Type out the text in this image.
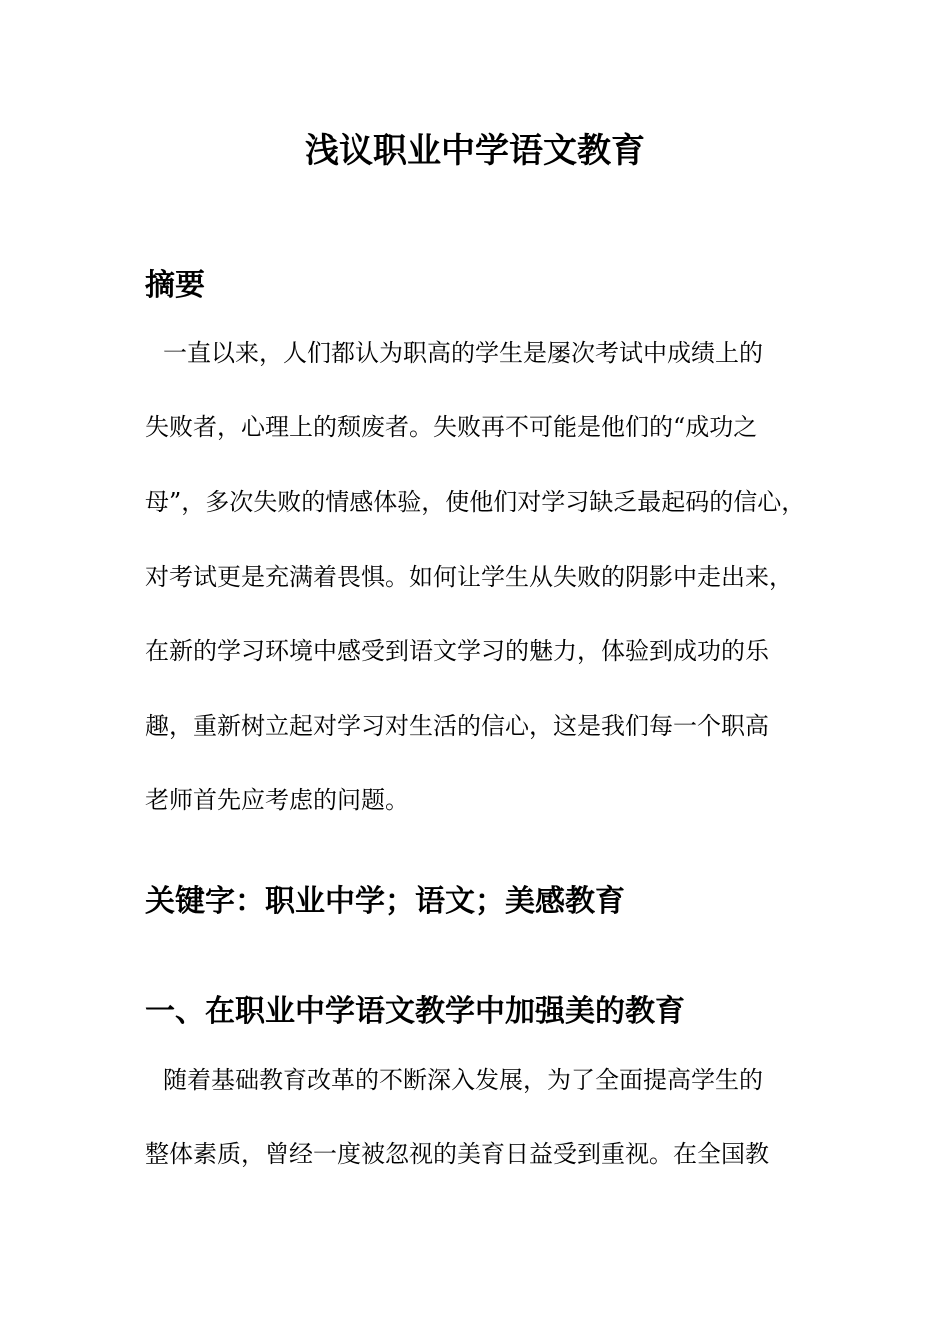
浅议职业中学语文教育
摘要
一直以来，人们都认为职高的学生是屡次考试中成绩上的
失败者，心理上的颓废者。失败再不可能是他们的“成功之
母”，多次失败的情感体验，使他们对学习缺乏最起码的信心，
对考试更是充满着畏惧。如何让学生从失败的阴影中走出来，
在新的学习环境中感受到语文学习的魅力，体验到成功的乐
趣，重新树立起对学习对生活的信心，这是我们每一个职高
老师首先应考虑的问题。
关键字：职业中学；语文；美感教育
一、在职业中学语文教学中加强美的教育
随着基础教育改革的不断深入发展，为了全面提高学生的
整体素质，曾经一度被忽视的美育日益受到重视。在全国教
